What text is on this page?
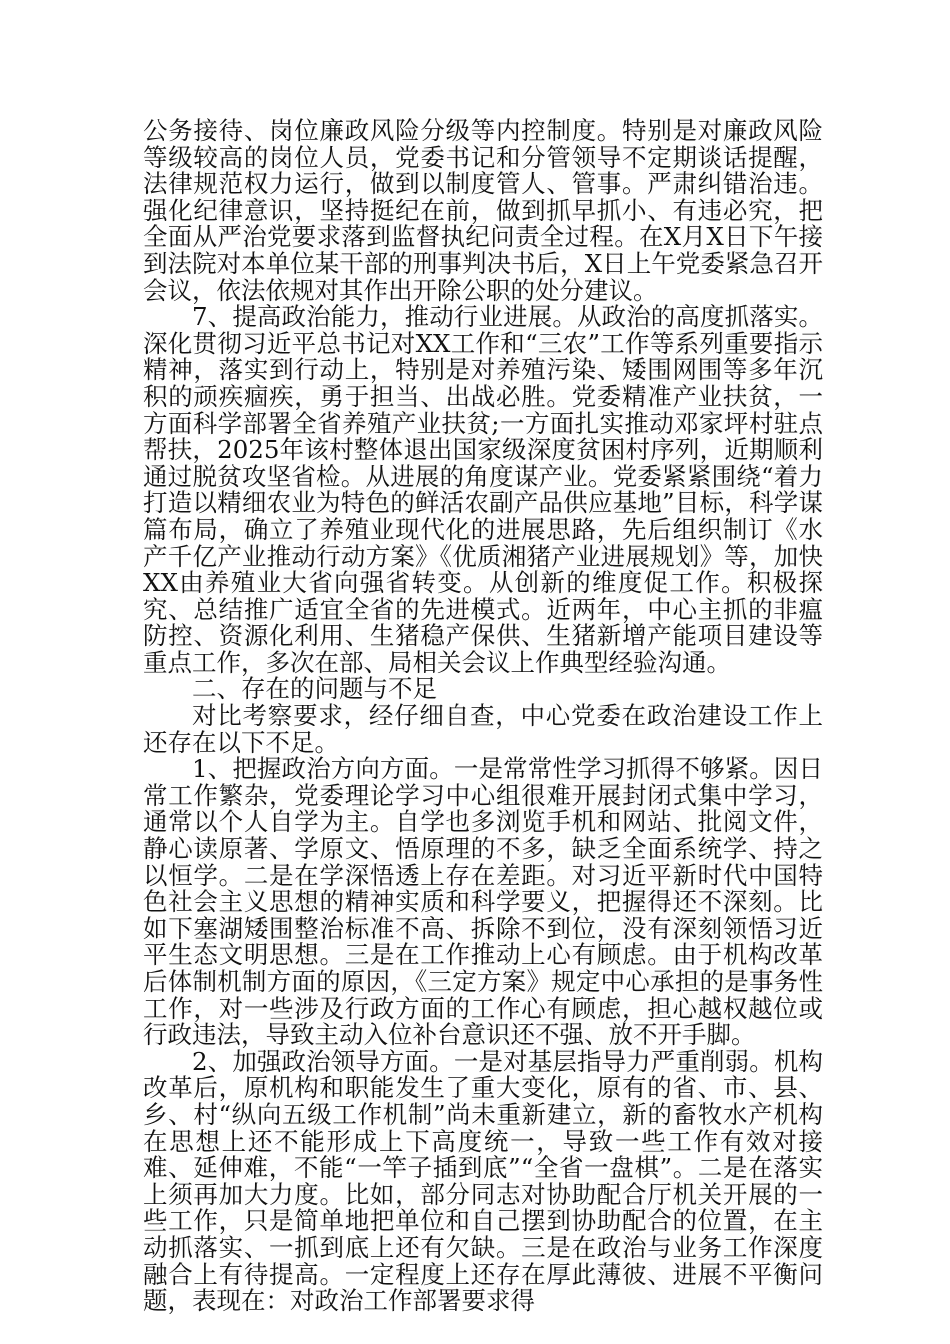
公务接待、岗位廉政风险分级等内控制度。特别是对廉政风险等级较高的岗位人员，党委书记和分管领导不定期谈话提醒，法律规范权力运行，做到以制度管人、管事。严肃纠错治违。强化纪律意识，坚持挺纪在前，做到抓早抓小、有违必究，把全面从严治党要求落到监督执纪问责全过程。在X月X日下午接到法院对本单位某干部的刑事判决书后，X日上午党委紧急召开会议，依法依规对其作出开除公职的处分建议。

7、提高政治能力，推动行业进展。从政治的高度抓落实。深化贯彻习近平总书记对XX工作和“三农”工作等系列重要指示精神，落实到行动上，特别是对养殖污染、矮围网围等多年沉积的顽疾痼疾，勇于担当、出战必胜。党委精准产业扶贫，一方面科学部署全省养殖产业扶贫;一方面扎实推动邓家坪村驻点帮扶，2025年该村整体退出国家级深度贫困村序列，近期顺利通过脱贫攻坚省检。从进展的角度谋产业。党委紧紧围绕“着力打造以精细农业为特色的鲜活农副产品供应基地”目标，科学谋篇布局，确立了养殖业现代化的进展思路，先后组织制订《水产千亿产业推动行动方案》《优质湘猪产业进展规划》等，加快XX由养殖业大省向强省转变。从创新的维度促工作。积极探究、总结推广适宜全省的先进模式。近两年，中心主抓的非瘟防控、资源化利用、生猪稳产保供、生猪新增产能项目建设等重点工作，多次在部、局相关会议上作典型经验沟通。

二、存在的问题与不足

对比考察要求，经仔细自查，中心党委在政治建设工作上还存在以下不足。

1、把握政治方向方面。一是常常性学习抓得不够紧。因日常工作繁杂，党委理论学习中心组很难开展封闭式集中学习，通常以个人自学为主。自学也多浏览手机和网站、批阅文件，静心读原著、学原文、悟原理的不多，缺乏全面系统学、持之以恒学。二是在学深悟透上存在差距。对习近平新时代中国特色社会主义思想的精神实质和科学要义，把握得还不深刻。比如下塞湖矮围整治标准不高、拆除不到位，没有深刻领悟习近平生态文明思想。三是在工作推动上心有顾虑。由于机构改革后体制机制方面的原因，《三定方案》规定中心承担的是事务性工作，对一些涉及行政方面的工作心有顾虑，担心越权越位或行政违法，导致主动入位补台意识还不强、放不开手脚。

2、加强政治领导方面。一是对基层指导力严重削弱。机构改革后，原机构和职能发生了重大变化，原有的省、市、县、乡、村“纵向五级工作机制”尚未重新建立，新的畜牧水产机构在思想上还不能形成上下高度统一，导致一些工作有效对接难、延伸难，不能“一竿子插到底”“全省一盘棋”。二是在落实上须再加大力度。比如，部分同志对协助配合厅机关开展的一些工作，只是简单地把单位和自己摆到协助配合的位置，在主动抓落实、一抓到底上还有欠缺。三是在政治与业务工作深度融合上有待提高。一定程度上还存在厚此薄彼、进展不平衡问题，表现在：对政治工作部署要求得
